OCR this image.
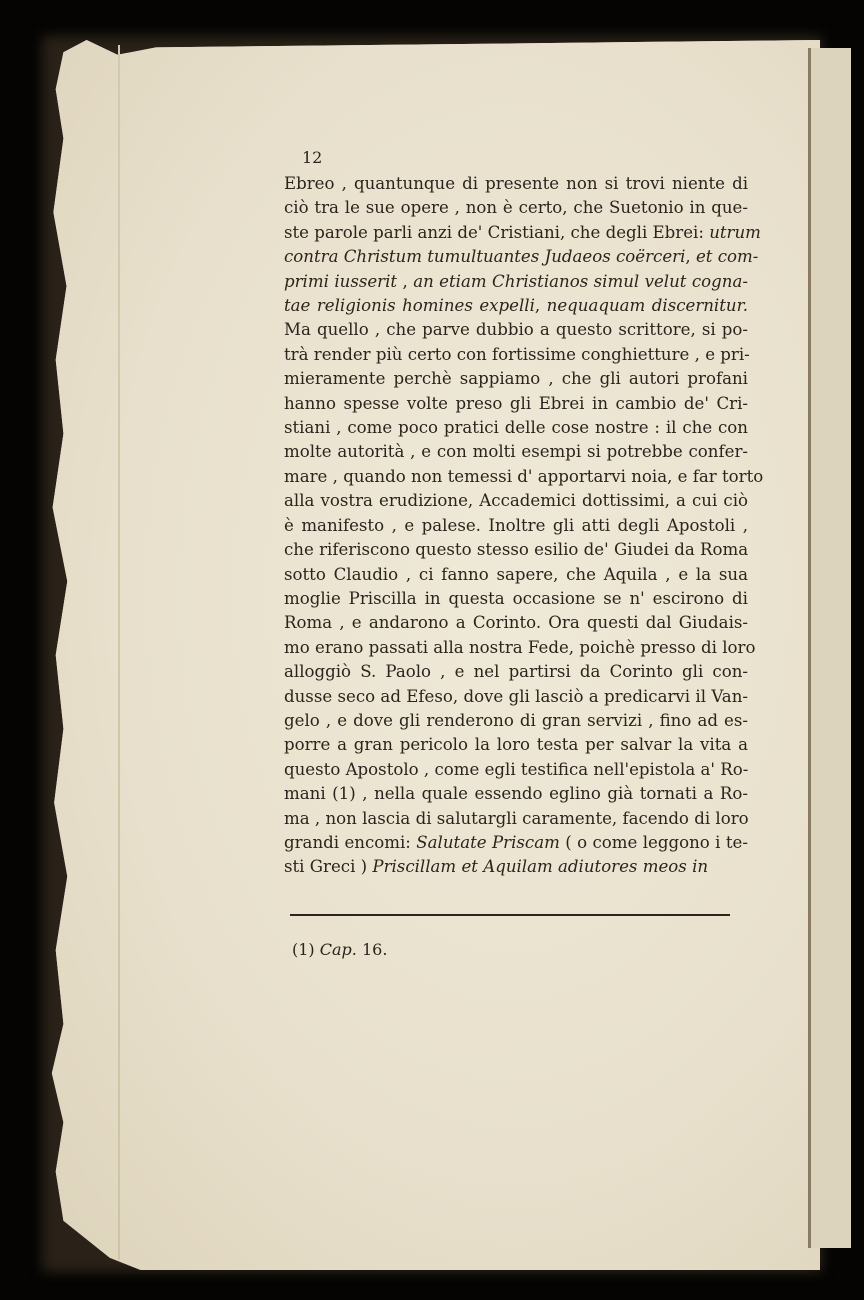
12
Ebreo , quantunque di presente non si trovi niente di
ciò tra le sue opere , non è certo, che Suetonio in que-
ste parole parli anzi de' Cristiani, che degli Ebrei: utrum
contra Christum tumultuantes Judaeos coërceri, et com-
primi iusserit , an etiam Christianos simul velut cogna-
tae religionis homines expelli, nequaquam discernitur.
Ma quello , che parve dubbio a questo scrittore, si po-
trà render più certo con fortissime conghietture , e pri-
mieramente perchè sappiamo , che gli autori profani
hanno spesse volte preso gli Ebrei in cambio de' Cri-
stiani , come poco pratici delle cose nostre : il che con
molte autorità , e con molti esempi si potrebbe confer-
mare , quando non temessi d' apportarvi noia, e far torto
alla vostra erudizione, Accademici dottissimi, a cui ciò
è manifesto , e palese. Inoltre gli atti degli Apostoli ,
che riferiscono questo stesso esilio de' Giudei da Roma
sotto Claudio , ci fanno sapere, che Aquila , e la sua
moglie Priscilla in questa occasione se n' escirono di
Roma , e andarono a Corinto. Ora questi dal Giudais-
mo erano passati alla nostra Fede, poichè presso di loro
alloggiò S. Paolo , e nel partirsi da Corinto gli con-
dusse seco ad Efeso, dove gli lasciò a predicarvi il Van-
gelo , e dove gli renderono di gran servizi , fino ad es-
porre a gran pericolo la loro testa per salvar la vita a
questo Apostolo , come egli testifica nell'epistola a' Ro-
mani (1) , nella quale essendo eglino già tornati a Ro-
ma , non lascia di salutargli caramente, facendo di loro
grandi encomi: Salutate Priscam ( o come leggono i te-
sti Greci ) Priscillam et Aquilam adiutores meos in
(1) Cap. 16.
